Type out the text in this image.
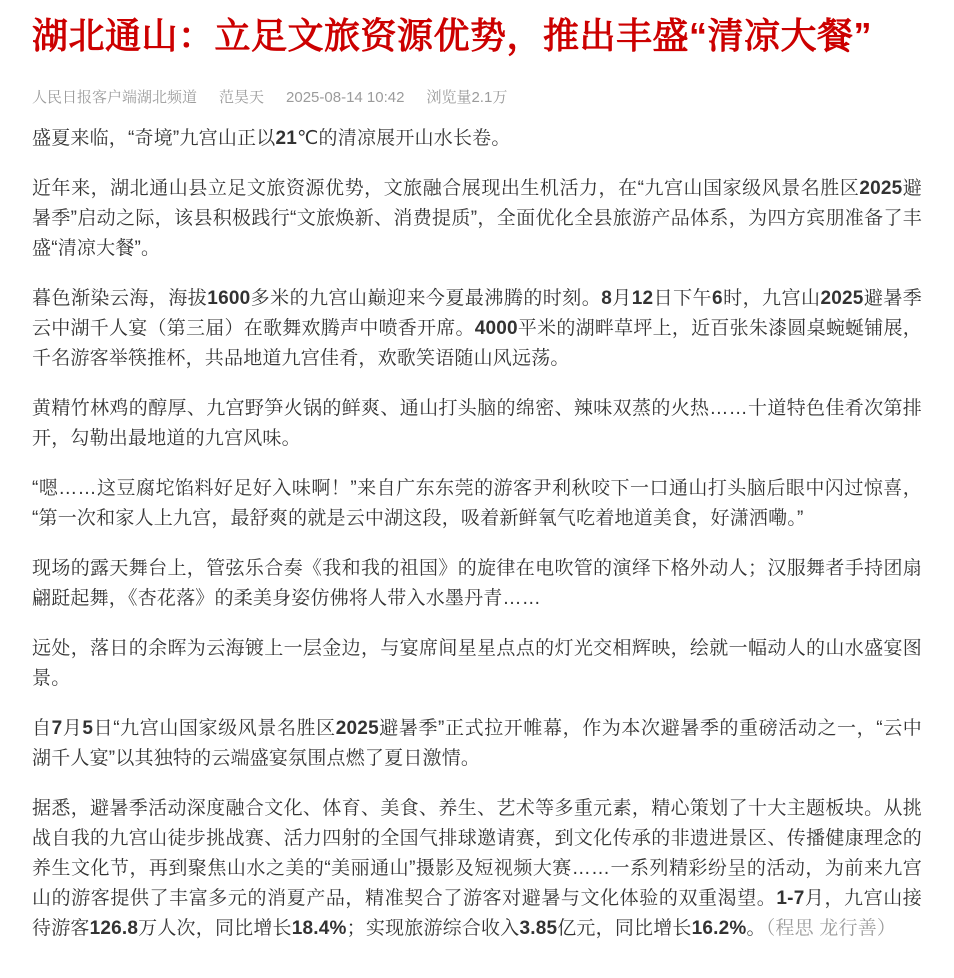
湖北通山：立足文旅资源优势，推出丰盛“清凉大餐”
人民日报客户端湖北频道 范昊天 2025-08-14 10:42 浏览量2.1万

盛夏来临，“奇境”九宫山正以21℃的清凉展开山水长卷。

近年来，湖北通山县立足文旅资源优势，文旅融合展现出生机活力，在“九宫山国家级风景名胜区2025避暑季”启动之际，该县积极践行“文旅焕新、消费提质”，全面优化全县旅游产品体系，为四方宾朋准备了丰盛“清凉大餐”。

暮色渐染云海，海拔1600多米的九宫山巅迎来今夏最沸腾的时刻。8月12日下午6时，九宫山2025避暑季云中湖千人宴（第三届）在歌舞欢腾声中喷香开席。4000平米的湖畔草坪上，近百张朱漆圆桌蜿蜒铺展，千名游客举筷推杯，共品地道九宫佳肴，欢歌笑语随山风远荡。

黄精竹林鸡的醇厚、九宫野笋火锅的鲜爽、通山打头脑的绵密、辣味双蒸的火热……十道特色佳肴次第排开，勾勒出最地道的九宫风味。

“嗯……这豆腐坨馅料好足好入味啊！”来自广东东莞的游客尹利秋咬下一口通山打头脑后眼中闪过惊喜，“第一次和家人上九宫，最舒爽的就是云中湖这段，吸着新鲜氧气吃着地道美食，好潇洒嘞。”

现场的露天舞台上，管弦乐合奏《我和我的祖国》的旋律在电吹管的演绎下格外动人；汉服舞者手持团扇翩跹起舞，《杏花落》的柔美身姿仿佛将人带入水墨丹青……

远处，落日的余晖为云海镀上一层金边，与宴席间星星点点的灯光交相辉映，绘就一幅动人的山水盛宴图景。

自7月5日“九宫山国家级风景名胜区2025避暑季”正式拉开帷幕，作为本次避暑季的重磅活动之一，“云中湖千人宴”以其独特的云端盛宴氛围点燃了夏日激情。

据悉，避暑季活动深度融合文化、体育、美食、养生、艺术等多重元素，精心策划了十大主题板块。从挑战自我的九宫山徒步挑战赛、活力四射的全国气排球邀请赛，到文化传承的非遗进景区、传播健康理念的养生文化节，再到聚焦山水之美的“美丽通山”摄影及短视频大赛……一系列精彩纷呈的活动，为前来九宫山的游客提供了丰富多元的消夏产品，精准契合了游客对避暑与文化体验的双重渴望。1-7月，九宫山接待游客126.8万人次，同比增长18.4%；实现旅游综合收入3.85亿元，同比增长16.2%。（程思 龙行善）
